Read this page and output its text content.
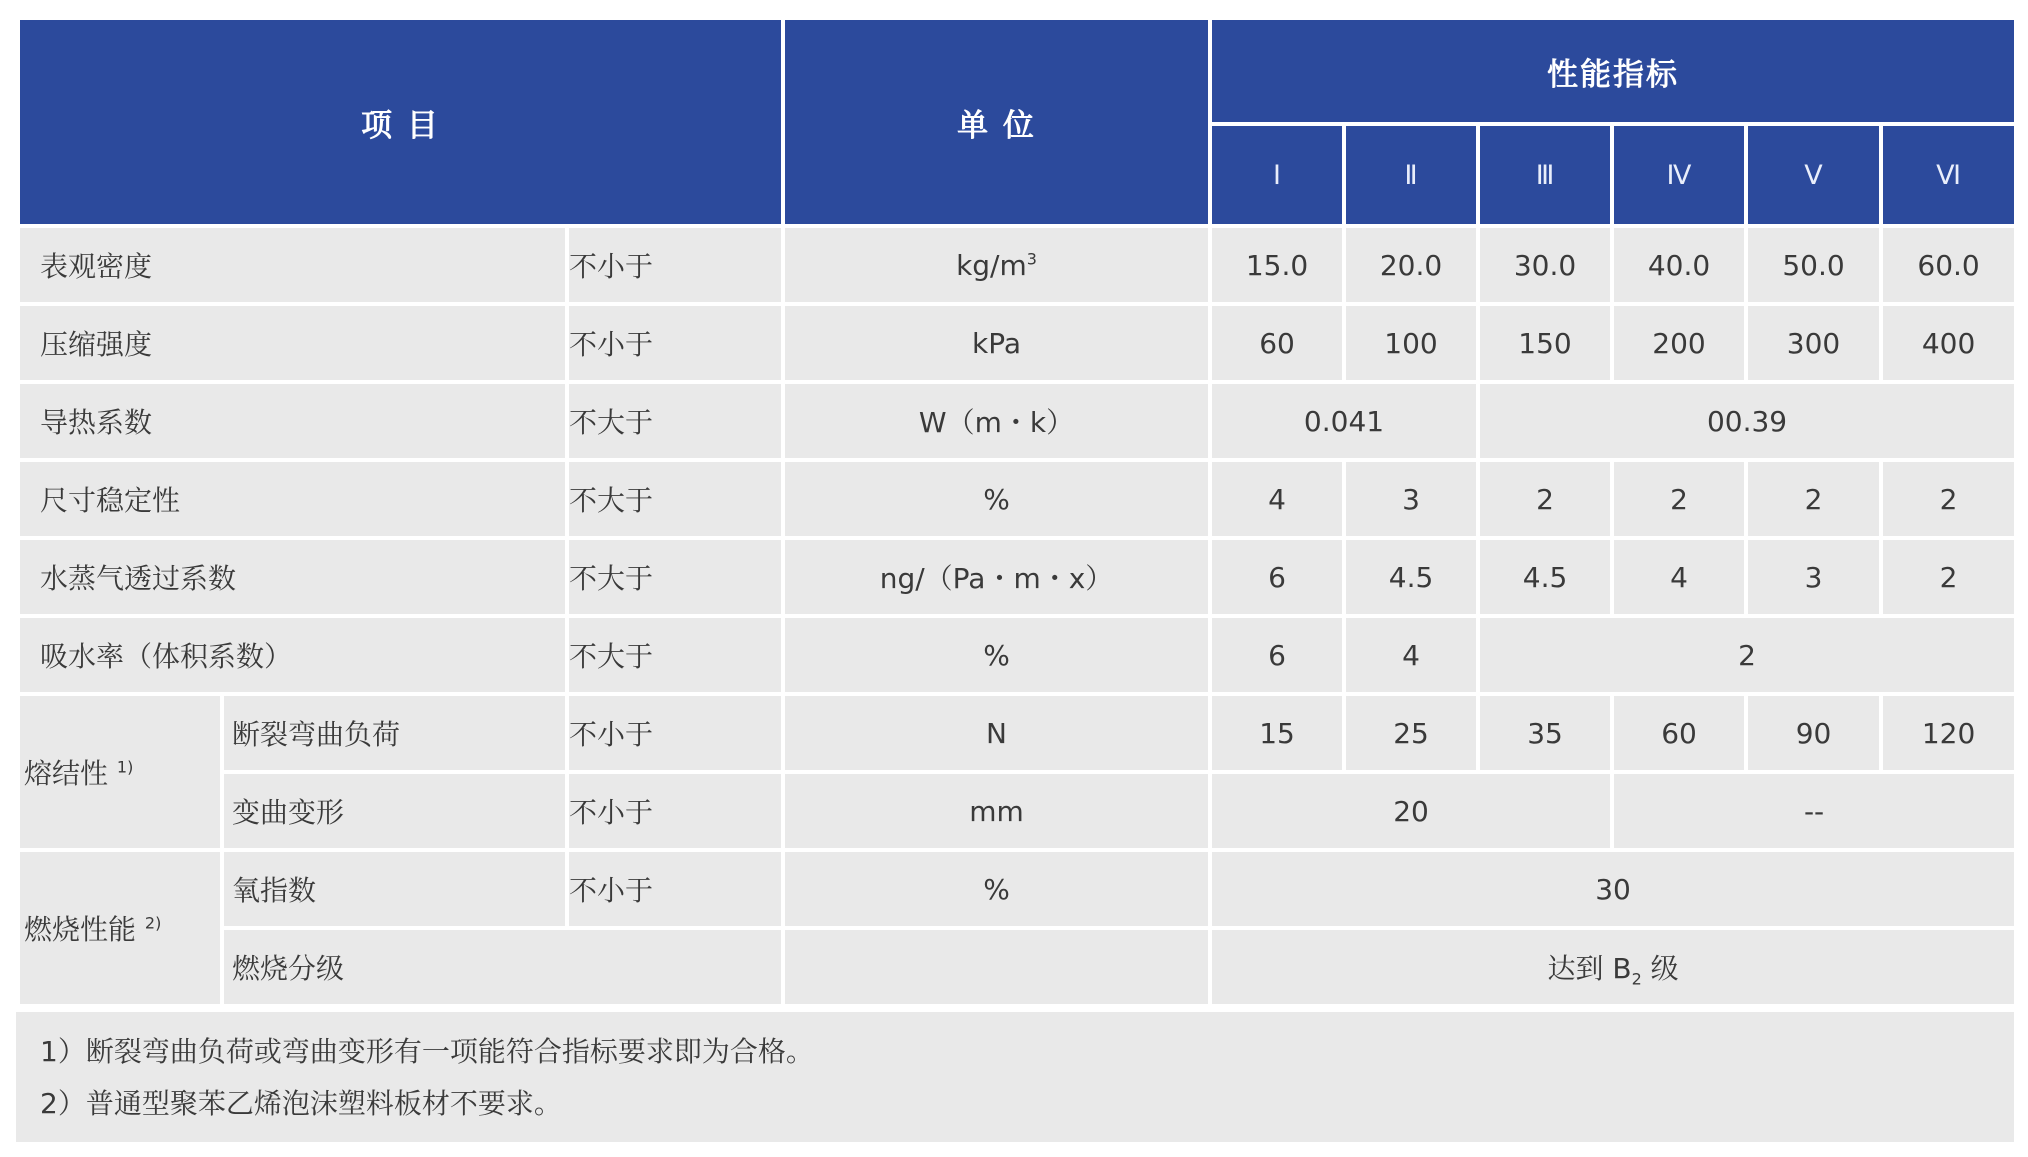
项 目			单 位	性能指标					
				Ⅰ	Ⅱ	Ⅲ	Ⅳ	Ⅴ	Ⅵ
表观密度		不小于	$kg/m^3$	15.0	20.0	30.0	40.0	50.0	60.0
压缩强度		不小于	kPa	60	100	150	200	300	400
导热系数		不大于	W（m・k）	0.041		00.39			
尺寸稳定性		不大于	%	4	3	2	2	2	2
水蒸气透过系数		不大于	ng/（Pa・m・x）	6	4.5	4.5	4	3	2
吸水率（体积系数）		不大于	%	6	4	2			
熔结性 $^{1)}$	断裂弯曲负荷	不小于	N	15	25	35	60	90	120
	变曲变形	不小于	mm	20			--		
燃烧性能 $^{2)}$	氧指数	不小于	%	30					
	燃烧分级			达到 $B_2$ 级					
1）断裂弯曲负荷或弯曲变形有一项能符合指标要求即为合格。
2）普通型聚苯乙烯泡沫塑料板材不要求。
